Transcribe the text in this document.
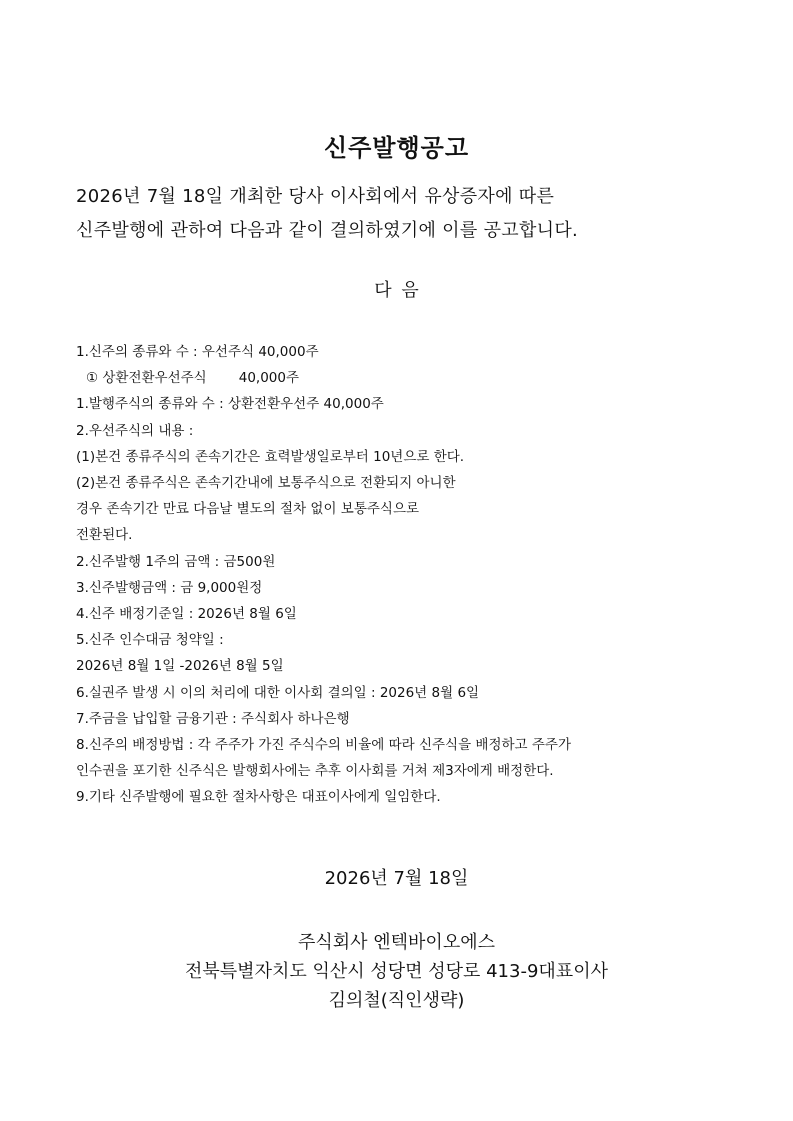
신주발행공고
2026년 7월 18일 개최한 당사 이사회에서 유상증자에 따른
신주발행에 관하여 다음과 같이 결의하였기에 이를 공고합니다.
다 음
1.신주의 종류와 수 : 우선주식 40,000주
① 상환전환우선주식 40,000주
1.발행주식의 종류와 수 : 상환전환우선주 40,000주
2.우선주식의 내용 :
(1)본건 종류주식의 존속기간은 효력발생일로부터 10년으로 한다.
(2)본건 종류주식은 존속기간내에 보통주식으로 전환되지 아니한
경우 존속기간 만료 다음날 별도의 절차 없이 보통주식으로
전환된다.
2.신주발행 1주의 금액 : 금500원
3.신주발행금액 : 금 9,000원정
4.신주 배정기준일 : 2026년 8월 6일
5.신주 인수대금 청약일 :
2026년 8월 1일 -2026년 8월 5일
6.실권주 발생 시 이의 처리에 대한 이사회 결의일 : 2026년 8월 6일
7.주금을 납입할 금융기관 : 주식회사 하나은행
8.신주의 배정방법 : 각 주주가 가진 주식수의 비율에 따라 신주식을 배정하고 주주가
인수권을 포기한 신주식은 발행회사에는 추후 이사회를 거쳐 제3자에게 배정한다.
9.기타 신주발행에 필요한 절차사항은 대표이사에게 일임한다.
2026년 7월 18일
주식회사 엔텍바이오에스
전북특별자치도 익산시 성당면 성당로 413-9대표이사
김의철(직인생략)
